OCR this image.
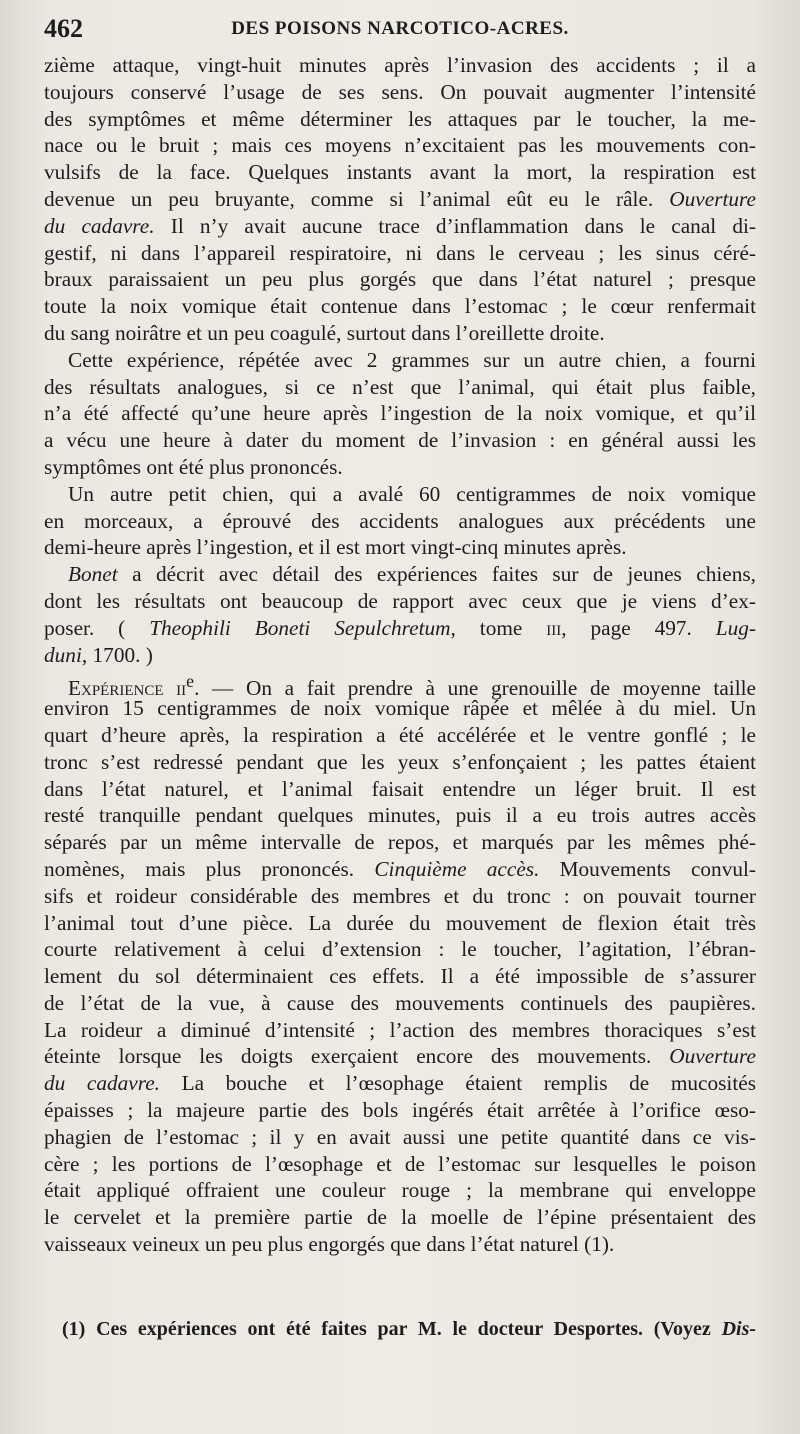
462	DES POISONS NARCOTICO-ACRES.
zième attaque, vingt-huit minutes après l’invasion des accidents ; il a
toujours conservé l’usage de ses sens. On pouvait augmenter l’intensité
des symptômes et même déterminer les attaques par le toucher, la me-
nace ou le bruit ; mais ces moyens n’excitaient pas les mouvements con-
vulsifs de la face. Quelques instants avant la mort, la respiration est
devenue un peu bruyante, comme si l’animal eût eu le râle. Ouverture
du cadavre. Il n’y avait aucune trace d’inflammation dans le canal di-
gestif, ni dans l’appareil respiratoire, ni dans le cerveau ; les sinus céré-
braux paraissaient un peu plus gorgés que dans l’état naturel ; presque
toute la noix vomique était contenue dans l’estomac ; le cœur renfermait
du sang noirâtre et un peu coagulé, surtout dans l’oreillette droite.
Cette expérience, répétée avec 2 grammes sur un autre chien, a fourni
des résultats analogues, si ce n’est que l’animal, qui était plus faible,
n’a été affecté qu’une heure après l’ingestion de la noix vomique, et qu’il
a vécu une heure à dater du moment de l’invasion : en général aussi les
symptômes ont été plus prononcés.
Un autre petit chien, qui a avalé 60 centigrammes de noix vomique
en morceaux, a éprouvé des accidents analogues aux précédents une
demi-heure après l’ingestion, et il est mort vingt-cinq minutes après.
Bonet a décrit avec détail des expériences faites sur de jeunes chiens,
dont les résultats ont beaucoup de rapport avec ceux que je viens d’ex-
poser. ( Theophili Boneti Sepulchretum, tome iii, page 497. Lug-
duni, 1700. )
Expérience $ii^e$. — On a fait prendre à une grenouille de moyenne taille
environ 15 centigrammes de noix vomique râpée et mêlée à du miel. Un
quart d’heure après, la respiration a été accélérée et le ventre gonflé ; le
tronc s’est redressé pendant que les yeux s’enfonçaient ; les pattes étaient
dans l’état naturel, et l’animal faisait entendre un léger bruit. Il est
resté tranquille pendant quelques minutes, puis il a eu trois autres accès
séparés par un même intervalle de repos, et marqués par les mêmes phé-
nomènes, mais plus prononcés. Cinquième accès. Mouvements convul-
sifs et roideur considérable des membres et du tronc : on pouvait tourner
l’animal tout d’une pièce. La durée du mouvement de flexion était très
courte relativement à celui d’extension : le toucher, l’agitation, l’ébran-
lement du sol déterminaient ces effets. Il a été impossible de s’assurer
de l’état de la vue, à cause des mouvements continuels des paupières.
La roideur a diminué d’intensité ; l’action des membres thoraciques s’est
éteinte lorsque les doigts exerçaient encore des mouvements. Ouverture
du cadavre. La bouche et l’œsophage étaient remplis de mucosités
épaisses ; la majeure partie des bols ingérés était arrêtée à l’orifice œso-
phagien de l’estomac ; il y en avait aussi une petite quantité dans ce vis-
cère ; les portions de l’œsophage et de l’estomac sur lesquelles le poison
était appliqué offraient une couleur rouge ; la membrane qui enveloppe
le cervelet et la première partie de la moelle de l’épine présentaient des
vaisseaux veineux un peu plus engorgés que dans l’état naturel (1).
(1) Ces expériences ont été faites par M. le docteur Desportes. (Voyez Dis-
